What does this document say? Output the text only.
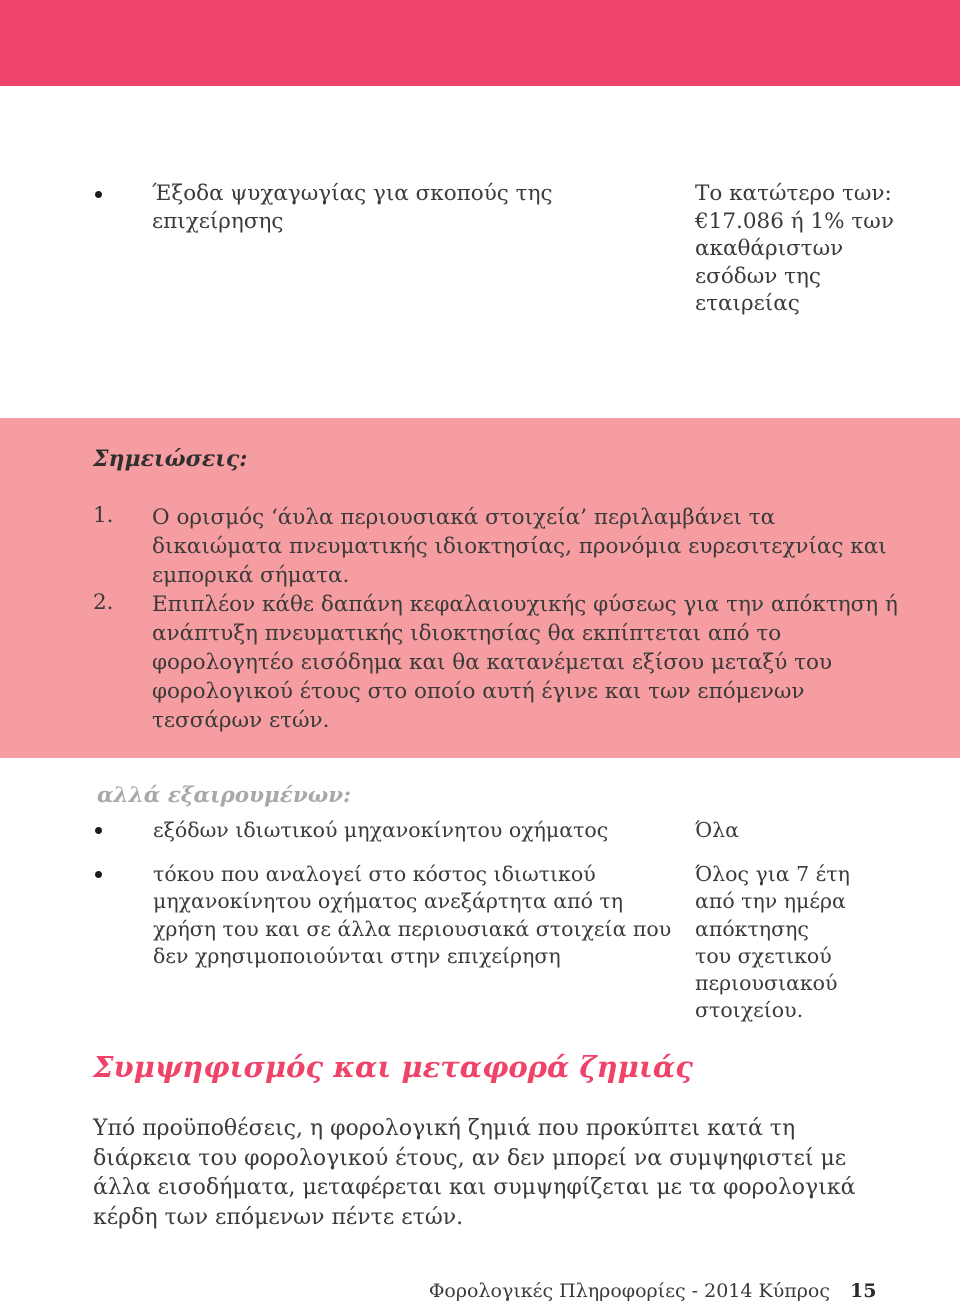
Έξοδα ψυχαγωγίας για σκοπούς της επιχείρησης
Το κατώτερο των:
€17.086 ή 1% των
ακαθάριστων
εσόδων της
εταιρείας
Σημειώσεις:
1. Ο ορισμός ‘άυλα περιουσιακά στοιχεία’ περιλαμβάνει τα δικαιώματα πνευματικής ιδιοκτησίας, προνόμια ευρεσιτεχνίας και εμπορικά σήματα.
2. Επιπλέον κάθε δαπάνη κεφαλαιουχικής φύσεως για την απόκτηση ή ανάπτυξη πνευματικής ιδιοκτησίας θα εκπίπτεται από το φορολογητέο εισόδημα και θα κατανέμεται εξίσου μεταξύ του φορολογικού έτους στο οποίο αυτή έγινε και των επόμενων τεσσάρων ετών.
αλλά εξαιρουμένων:
εξόδων ιδιωτικού μηχανοκίνητου οχήματος	Όλα
τόκου που αναλογεί στο κόστος ιδιωτικού
μηχανοκίνητου οχήματος ανεξάρτητα από τη
χρήση του και σε άλλα περιουσιακά στοιχεία που
δεν χρησιμοποιούνται στην επιχείρηση
Όλος για 7 έτη
από την ημέρα
απόκτησης
του σχετικού
περιουσιακού
στοιχείου.
Συμψηφισμός και μεταφορά ζημιάς
Υπό προϋποθέσεις, η φορολογική ζημιά που προκύπτει κατά τη διάρκεια του φορολογικού έτους, αν δεν μπορεί να συμψηφιστεί με άλλα εισοδήματα, μεταφέρεται και συμψηφίζεται με τα φορολογικά κέρδη των επόμενων πέντε ετών.
Φορολογικές Πληροφορίες - 2014 Κύπρος 15
